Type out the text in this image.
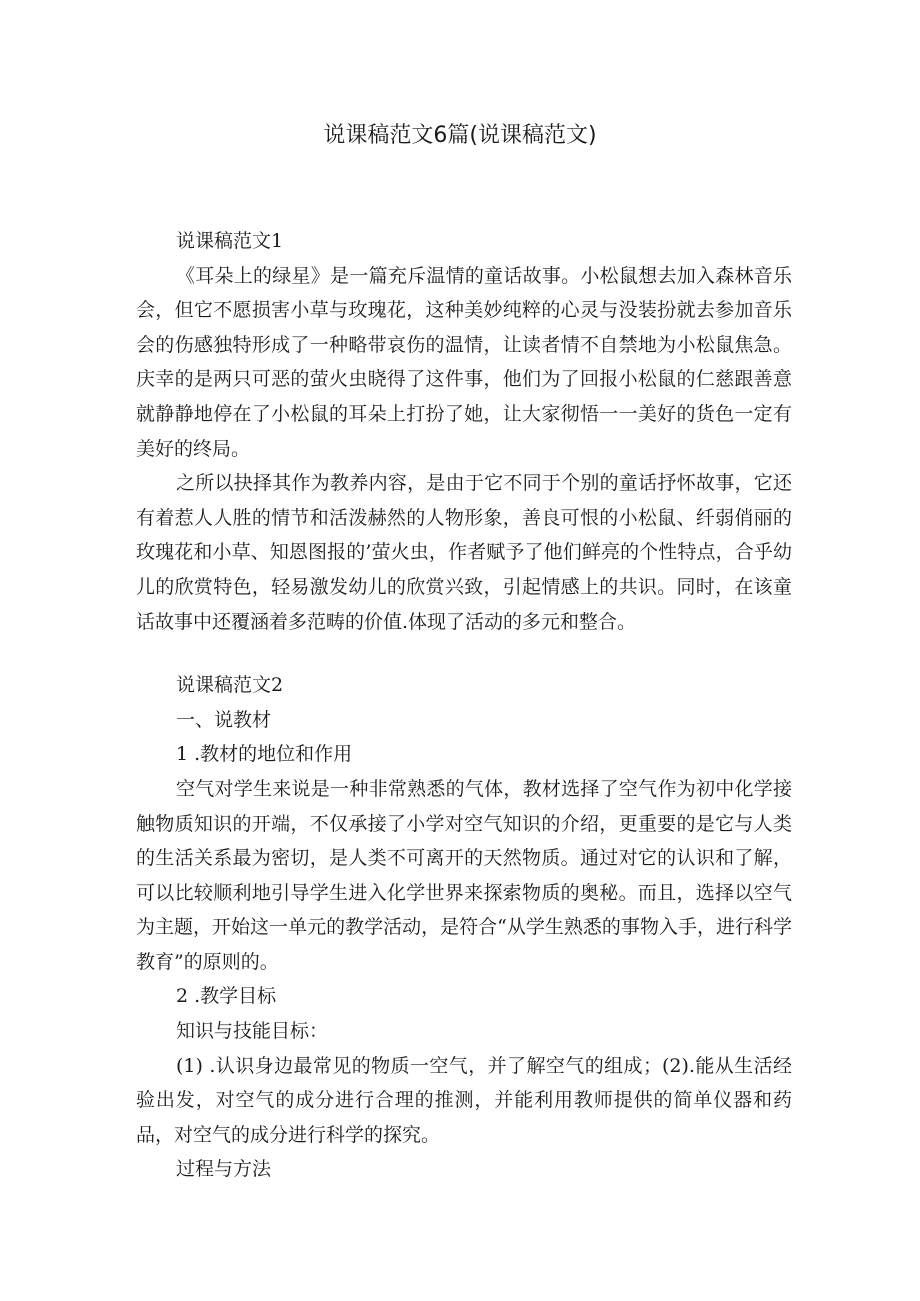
说课稿范文6篇(说课稿范文)

说课稿范文1

《耳朵上的绿星》是一篇充斥温情的童话故事。小松鼠想去加入森林音乐会，但它不愿损害小草与玫瑰花，这种美妙纯粹的心灵与没装扮就去参加音乐会的伤感独特形成了一种略带哀伤的温情，让读者情不自禁地为小松鼠焦急。庆幸的是两只可恶的萤火虫晓得了这件事，他们为了回报小松鼠的仁慈跟善意就静静地停在了小松鼠的耳朵上打扮了她，让大家彻悟一一美好的货色一定有美好的终局。

之所以抉择其作为教养内容，是由于它不同于个别的童话抒怀故事，它还有着惹人人胜的情节和活泼赫然的人物形象，善良可恨的小松鼠、纤弱俏丽的玫瑰花和小草、知恩图报的’萤火虫，作者赋予了他们鲜亮的个性特点，合乎幼儿的欣赏特色，轻易激发幼儿的欣赏兴致，引起情感上的共识。同时，在该童话故事中还覆涵着多范畴的价值.体现了活动的多元和整合。

说课稿范文2

一、说教材

1 .教材的地位和作用

空气对学生来说是一种非常熟悉的气体，教材选择了空气作为初中化学接触物质知识的开端，不仅承接了小学对空气知识的介绍，更重要的是它与人类的生活关系最为密切，是人类不可离开的天然物质。通过对它的认识和了解，可以比较顺利地引导学生进入化学世界来探索物质的奥秘。而且，选择以空气为主题，开始这一单元的教学活动，是符合“从学生熟悉的事物入手，进行科学教育”的原则的。

2 .教学目标

知识与技能目标：

(1) .认识身边最常见的物质一空气，并了解空气的组成；(2).能从生活经验出发，对空气的成分进行合理的推测，并能利用教师提供的简单仪器和药品，对空气的成分进行科学的探究。

过程与方法
